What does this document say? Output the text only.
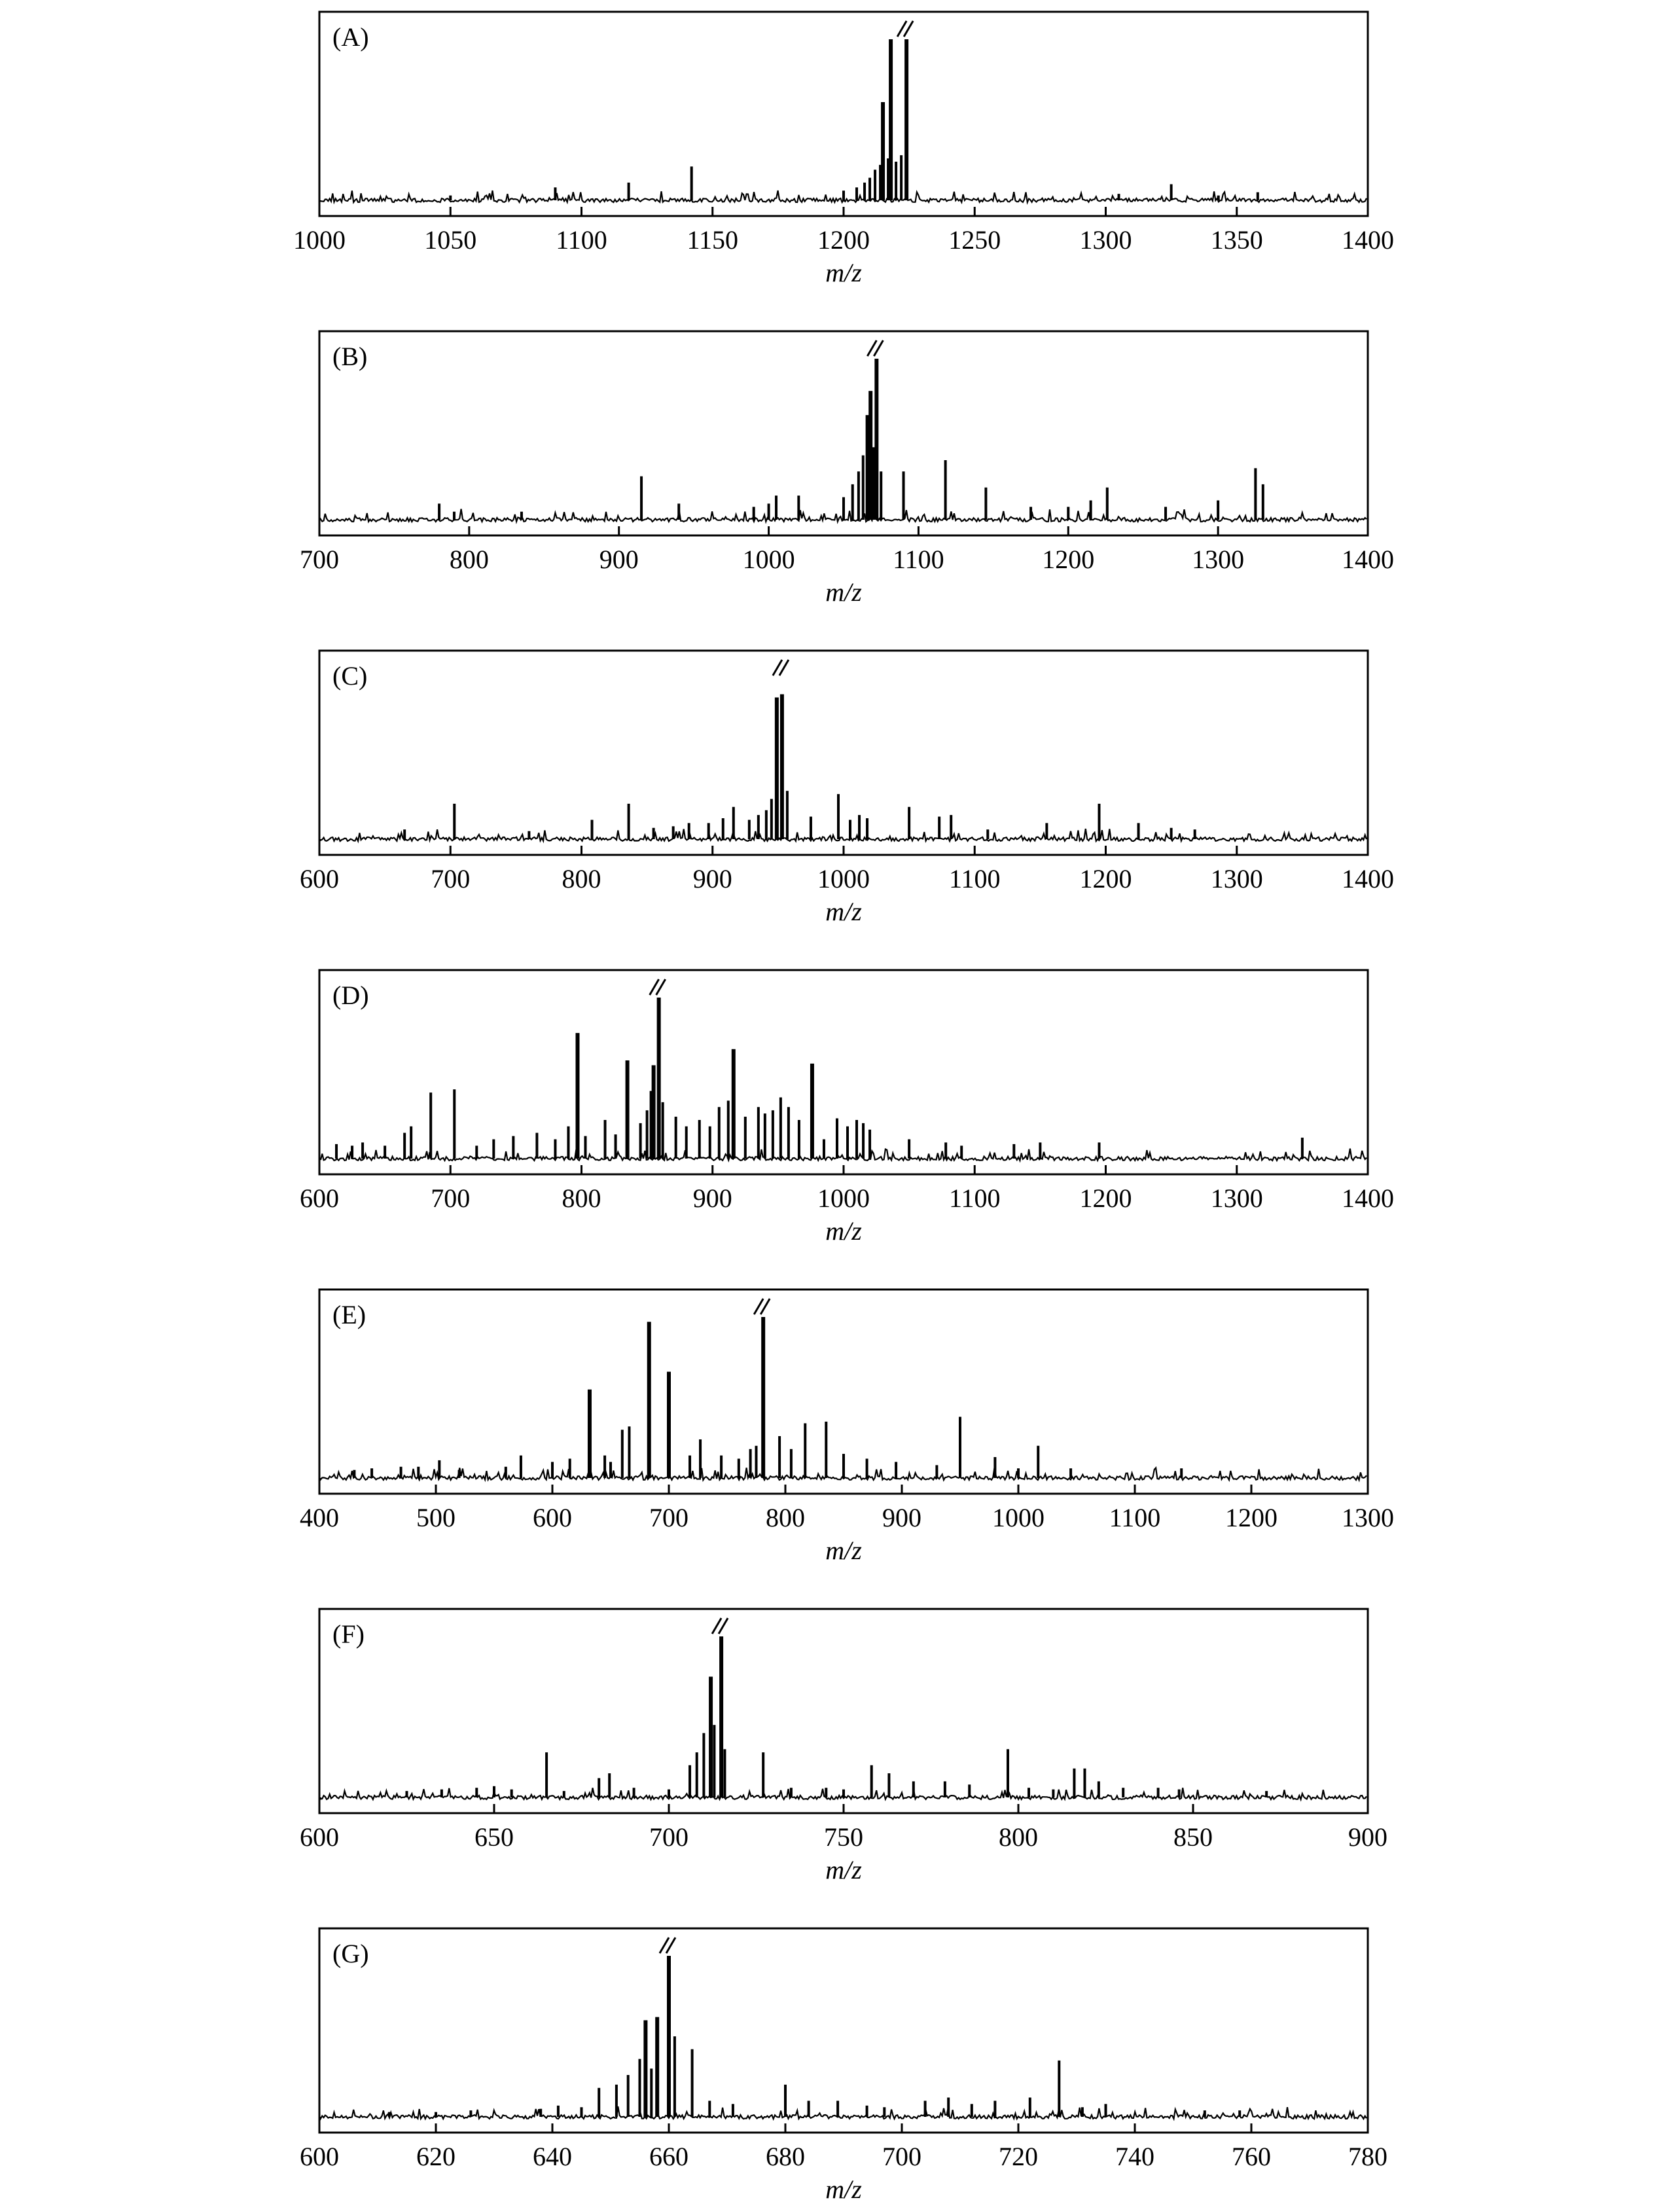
(A)
1000	1050	1100	1150	1200	1250	1300	1350	1400
m/z
(B)
700	800	900	1000	1100	1200	1300	1400
m/z
(C)
600	700	800	900	1000	1100	1200	1300	1400
m/z
(D)
600	700	800	900	1000	1100	1200	1300	1400
m/z
(E)
400	500	600	700	800	900	1000 1100 1200 1300
m/z
(F)
600	650	700	750	800	850	900
m/z
(G)
600	620	640	660	680	700	720	740	760	780
m/z
